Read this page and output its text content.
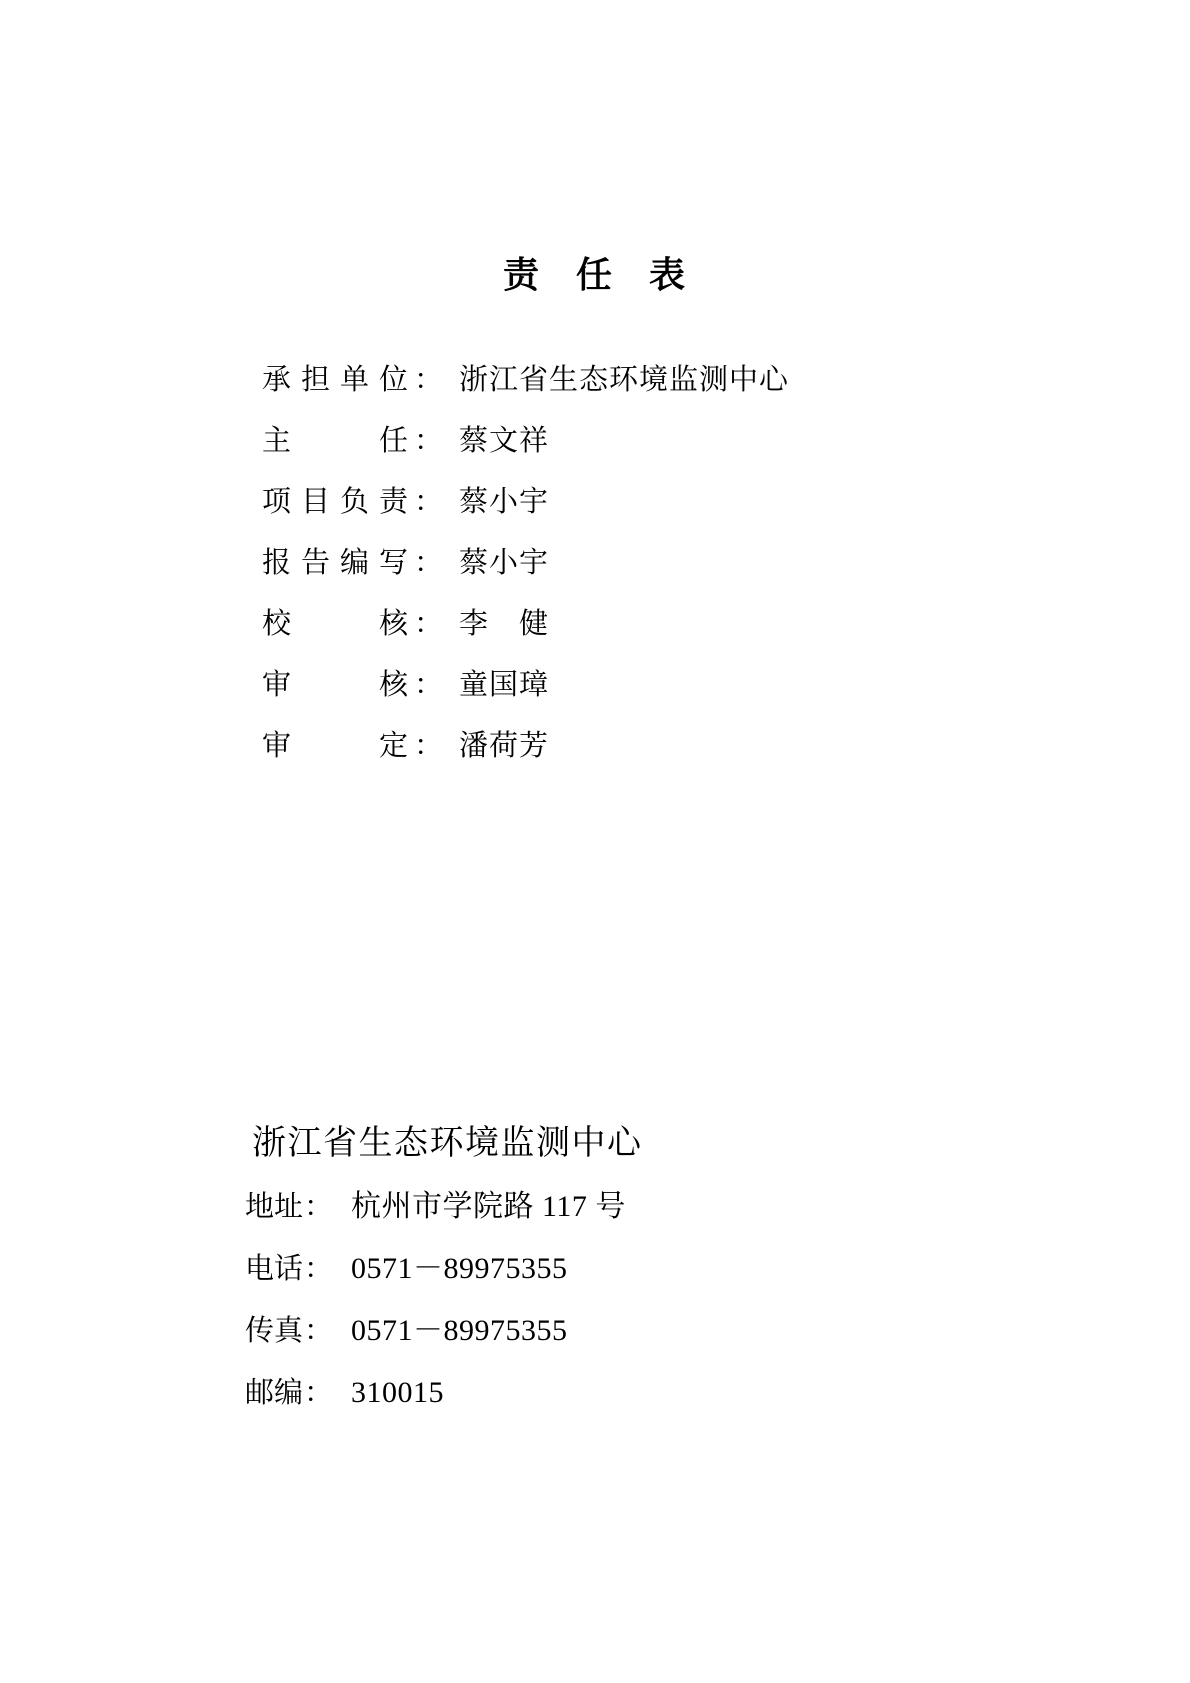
责任表
承担单位 ： 浙江省生态环境监测中心
主任 ： 蔡文祥
项目负责 ： 蔡小宇
报告编写 ： 蔡小宇
校核 ： 李　健
审核 ： 童国璋
审定 ： 潘荷芳
浙江省生态环境监测中心
地址： 杭州市学院路 117 号
电话： 0571－89975355
传真： 0571－89975355
邮编： 310015
